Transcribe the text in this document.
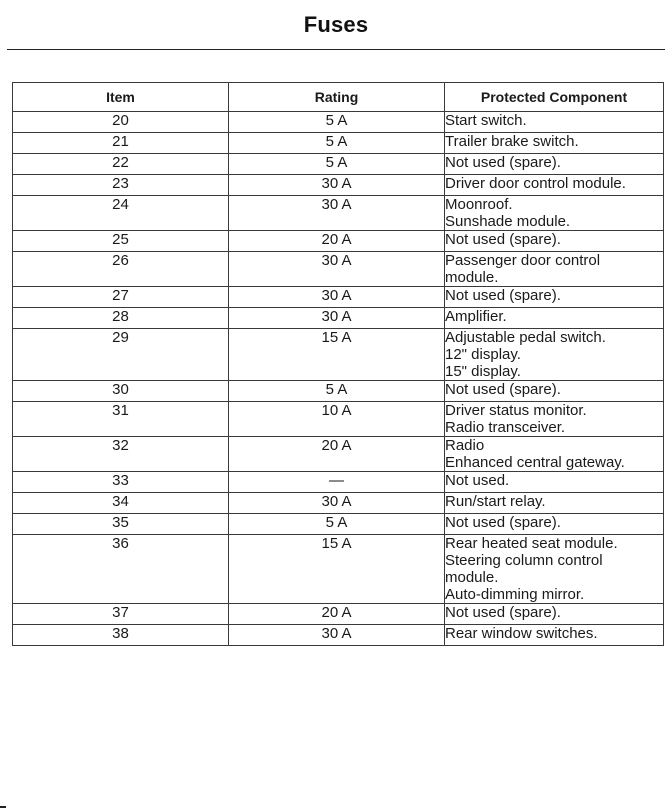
Fuses
Item	Rating	Protected Component
20	5 A	Start switch.

21	5 A	Trailer brake switch.

22	5 A	Not used (spare).

23	30 A	Driver door control module.

24	30 A	Moonroof.
Sunshade module.

25	20 A	Not used (spare).

26	30 A	Passenger door control
module.

27	30 A	Not used (spare).

28	30 A	Amplifier.

29	15 A	Adjustable pedal switch.
12" display.
15" display.

30	5 A	Not used (spare).

31	10 A	Driver status monitor.
Radio transceiver.

32	20 A	Radio
Enhanced central gateway.

33	—	Not used.

34	30 A	Run/start relay.

35	5 A	Not used (spare).

36	15 A	Rear heated seat module.
Steering column control
module.
Auto-dimming mirror.

37	20 A	Not used (spare).

38	30 A	Rear window switches.
